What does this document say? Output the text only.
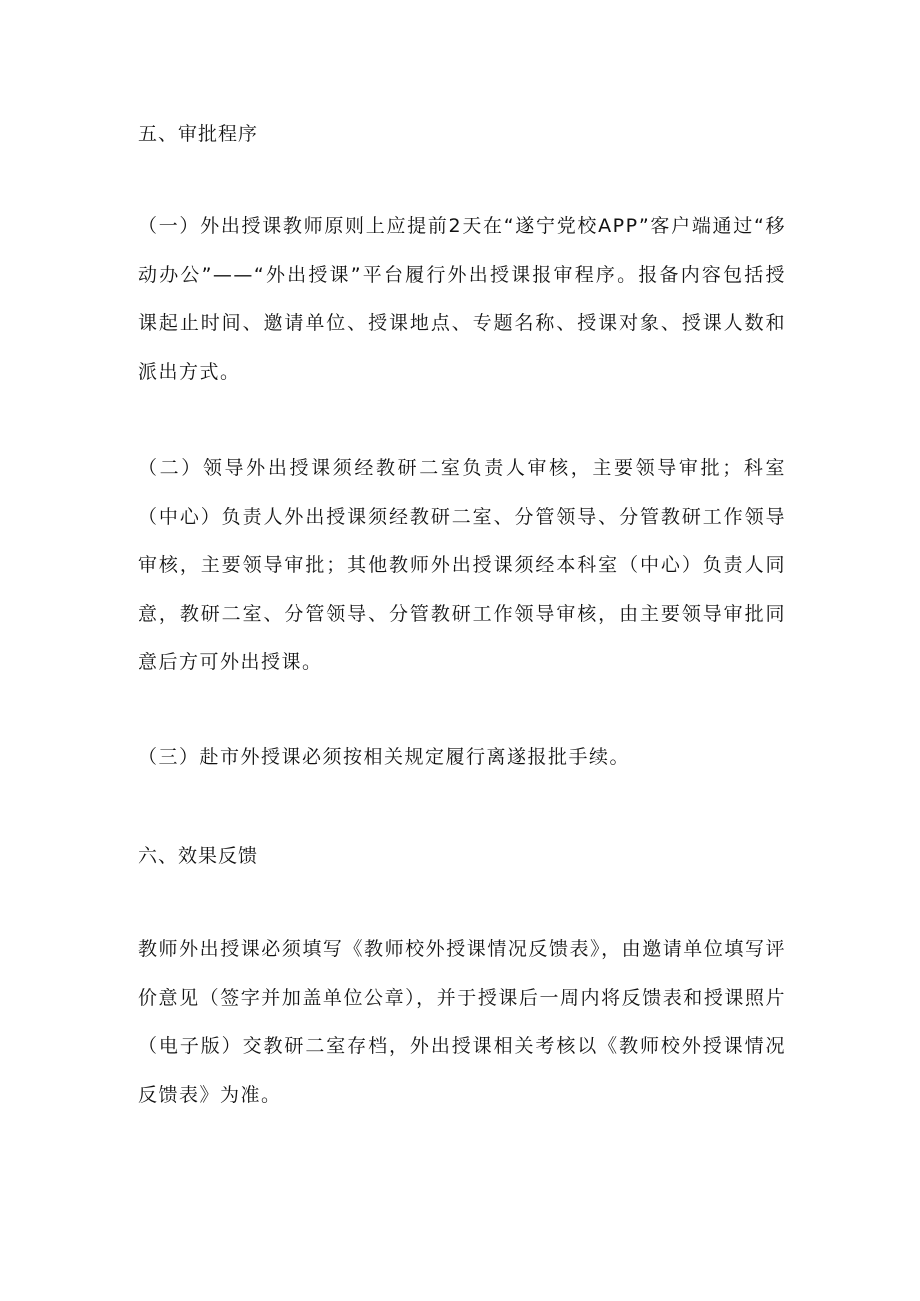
五、审批程序

（一）外出授课教师原则上应提前2天在“遂宁党校APP”客户端通过“移动办公”——“外出授课”平台履行外出授课报审程序。报备内容包括授课起止时间、邀请单位、授课地点、专题名称、授课对象、授课人数和派出方式。

（二）领导外出授课须经教研二室负责人审核，主要领导审批；科室（中心）负责人外出授课须经教研二室、分管领导、分管教研工作领导审核，主要领导审批；其他教师外出授课须经本科室（中心）负责人同意，教研二室、分管领导、分管教研工作领导审核，由主要领导审批同意后方可外出授课。

（三）赴市外授课必须按相关规定履行离遂报批手续。

六、效果反馈

教师外出授课必须填写《教师校外授课情况反馈表》，由邀请单位填写评价意见（签字并加盖单位公章），并于授课后一周内将反馈表和授课照片（电子版）交教研二室存档，外出授课相关考核以《教师校外授课情况反馈表》为准。
